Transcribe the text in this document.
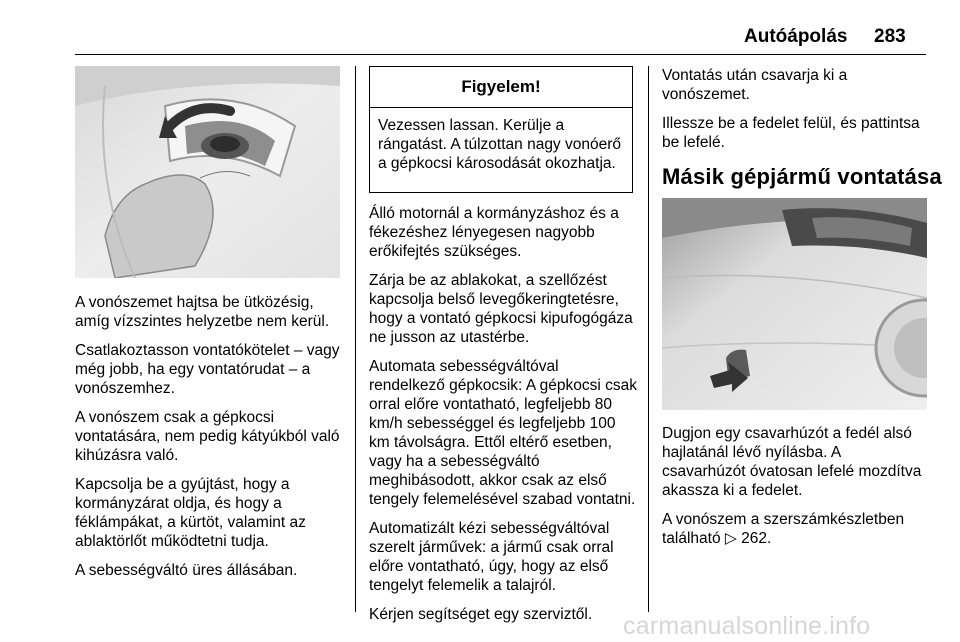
Autóápolás 283

A vonószemet hajtsa be ütközésig, amíg vízszintes helyzetbe nem kerül.

Csatlakoztasson vontatókötelet – vagy még jobb, ha egy vontatórudat – a vonószemhez.

A vonószem csak a gépkocsi vontatására, nem pedig kátyúkból való kihúzásra való.

Kapcsolja be a gyújtást, hogy a kormányzárat oldja, és hogy a féklámpákat, a kürtöt, valamint az ablaktörlőt működtetni tudja.

A sebességváltó üres állásában.

Figyelem!
Vezessen lassan. Kerülje a rángatást. A túlzottan nagy vonóerő a gépkocsi károsodását okozhatja.

Álló motornál a kormányzáshoz és a fékezéshez lényegesen nagyobb erőkifejtés szükséges.

Zárja be az ablakokat, a szellőzést kapcsolja belső levegőkeringtetésre, hogy a vontató gépkocsi kipufogógáza ne jusson az utastérbe.

Automata sebességváltóval rendelkező gépkocsik: A gépkocsi csak orral előre vontatható, legfeljebb 80 km/h sebességgel és legfeljebb 100 km távolságra. Ettől eltérő esetben, vagy ha a sebességváltó meghibásodott, akkor csak az első tengely felemelésével szabad vontatni.

Automatizált kézi sebességváltóval szerelt járművek: a jármű csak orral előre vontatható, úgy, hogy az első tengelyt felemelik a talajról.

Kérjen segítséget egy szerviztől.

Vontatás után csavarja ki a vonószemet.

Illessze be a fedelet felül, és pattintsa be lefelé.

Másik gépjármű vontatása

Dugjon egy csavarhúzót a fedél alsó hajlatánál lévő nyílásba. A csavarhúzót óvatosan lefelé mozdítva akassza ki a fedelet.

A vonószem a szerszámkészletben található ▷ 262.

carmanualsonline.info
